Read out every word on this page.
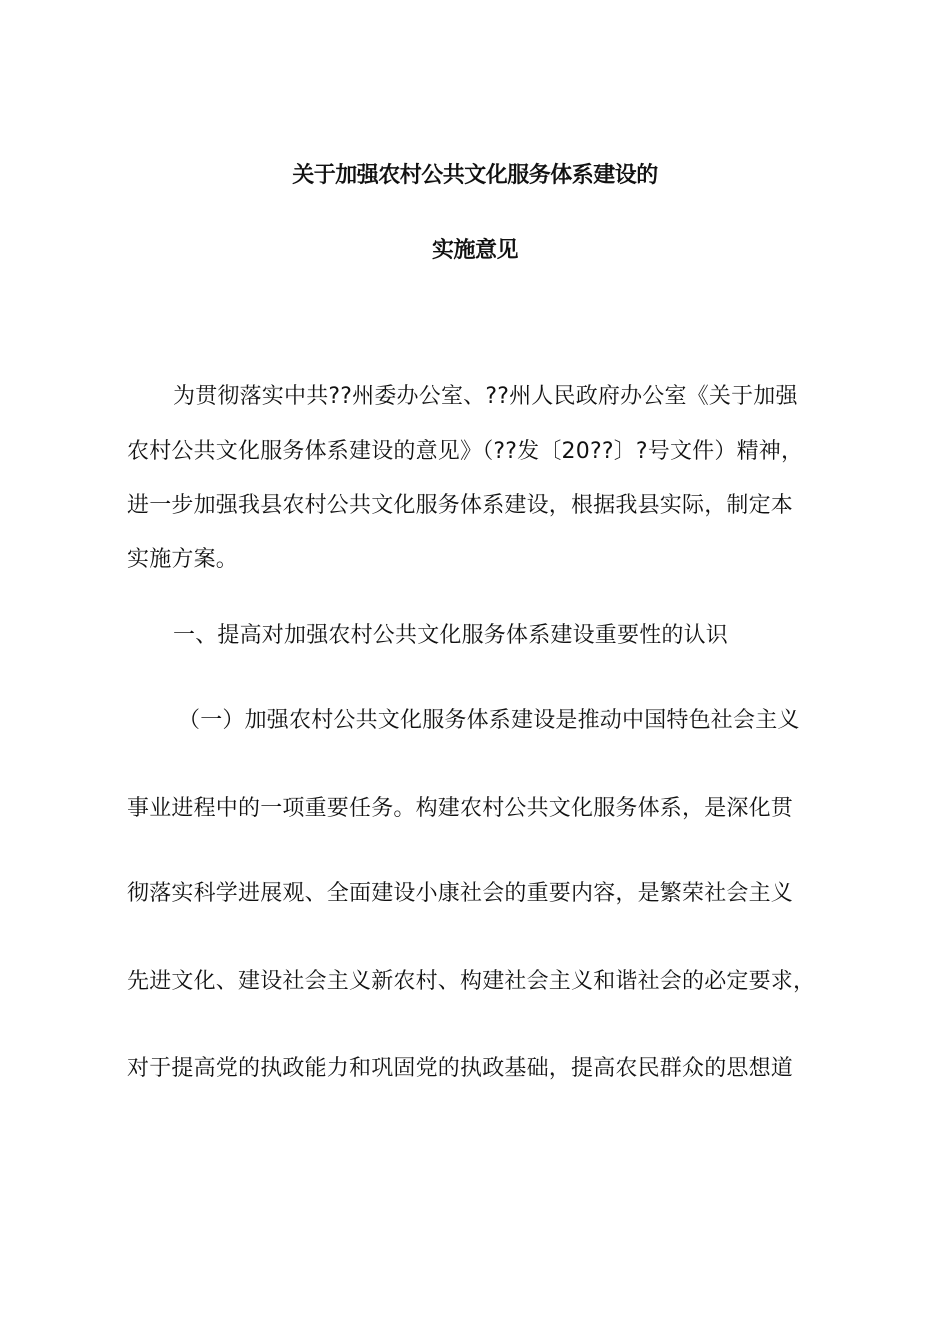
关于加强农村公共文化服务体系建设的
实施意见
为贯彻落实中共??州委办公室、??州人民政府办公室《关于加强
农村公共文化服务体系建设的意见》（??发〔20??〕?号文件）精神，
进一步加强我县农村公共文化服务体系建设，根据我县实际，制定本
实施方案。
一、提高对加强农村公共文化服务体系建设重要性的认识
（一）加强农村公共文化服务体系建设是推动中国特色社会主义
事业进程中的一项重要任务。构建农村公共文化服务体系，是深化贯
彻落实科学进展观、全面建设小康社会的重要内容，是繁荣社会主义
先进文化、建设社会主义新农村、构建社会主义和谐社会的必定要求，
对于提高党的执政能力和巩固党的执政基础，提高农民群众的思想道
